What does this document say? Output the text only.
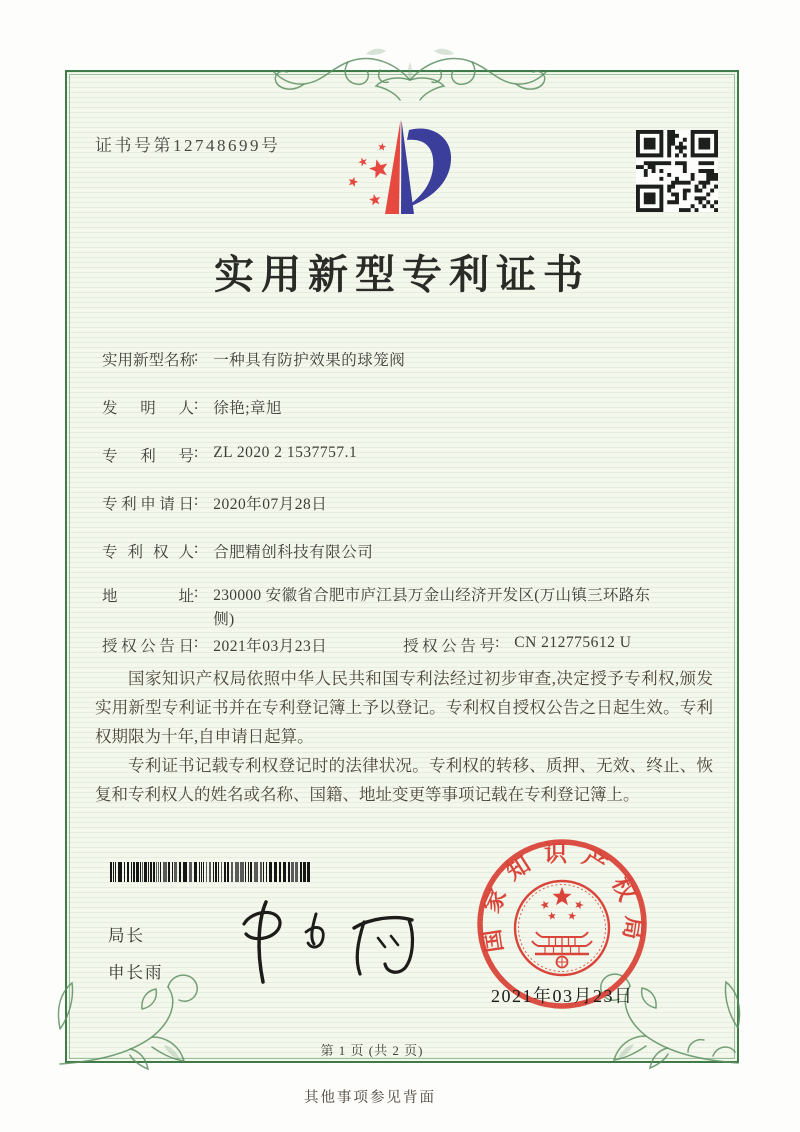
证书号第12748699号
实用新型专利证书
实用新型名称: 一种具有防护效果的球笼阀
发明人: 徐艳;章旭
专利号: ZL 2020 2 1537757.1
专利申请日: 2020年07月28日
专利权人: 合肥精创科技有限公司
地址: 230000 安徽省合肥市庐江县万金山经济开发区(万山镇三环路东侧)
授权公告日: 2021年03月23日	授权公告号: CN 212775612 U

国家知识产权局依照中华人民共和国专利法经过初步审查,决定授予专利权,颁发实用新型专利证书并在专利登记簿上予以登记。专利权自授权公告之日起生效。专利权期限为十年,自申请日起算。

专利证书记载专利权登记时的法律状况。专利权的转移、质押、无效、终止、恢复和专利权人的姓名或名称、国籍、地址变更等事项记载在专利登记簿上。

局长
申长雨
国家知识产权局
2021年03月23日
第 1 页 (共 2 页)
其他事项参见背面
